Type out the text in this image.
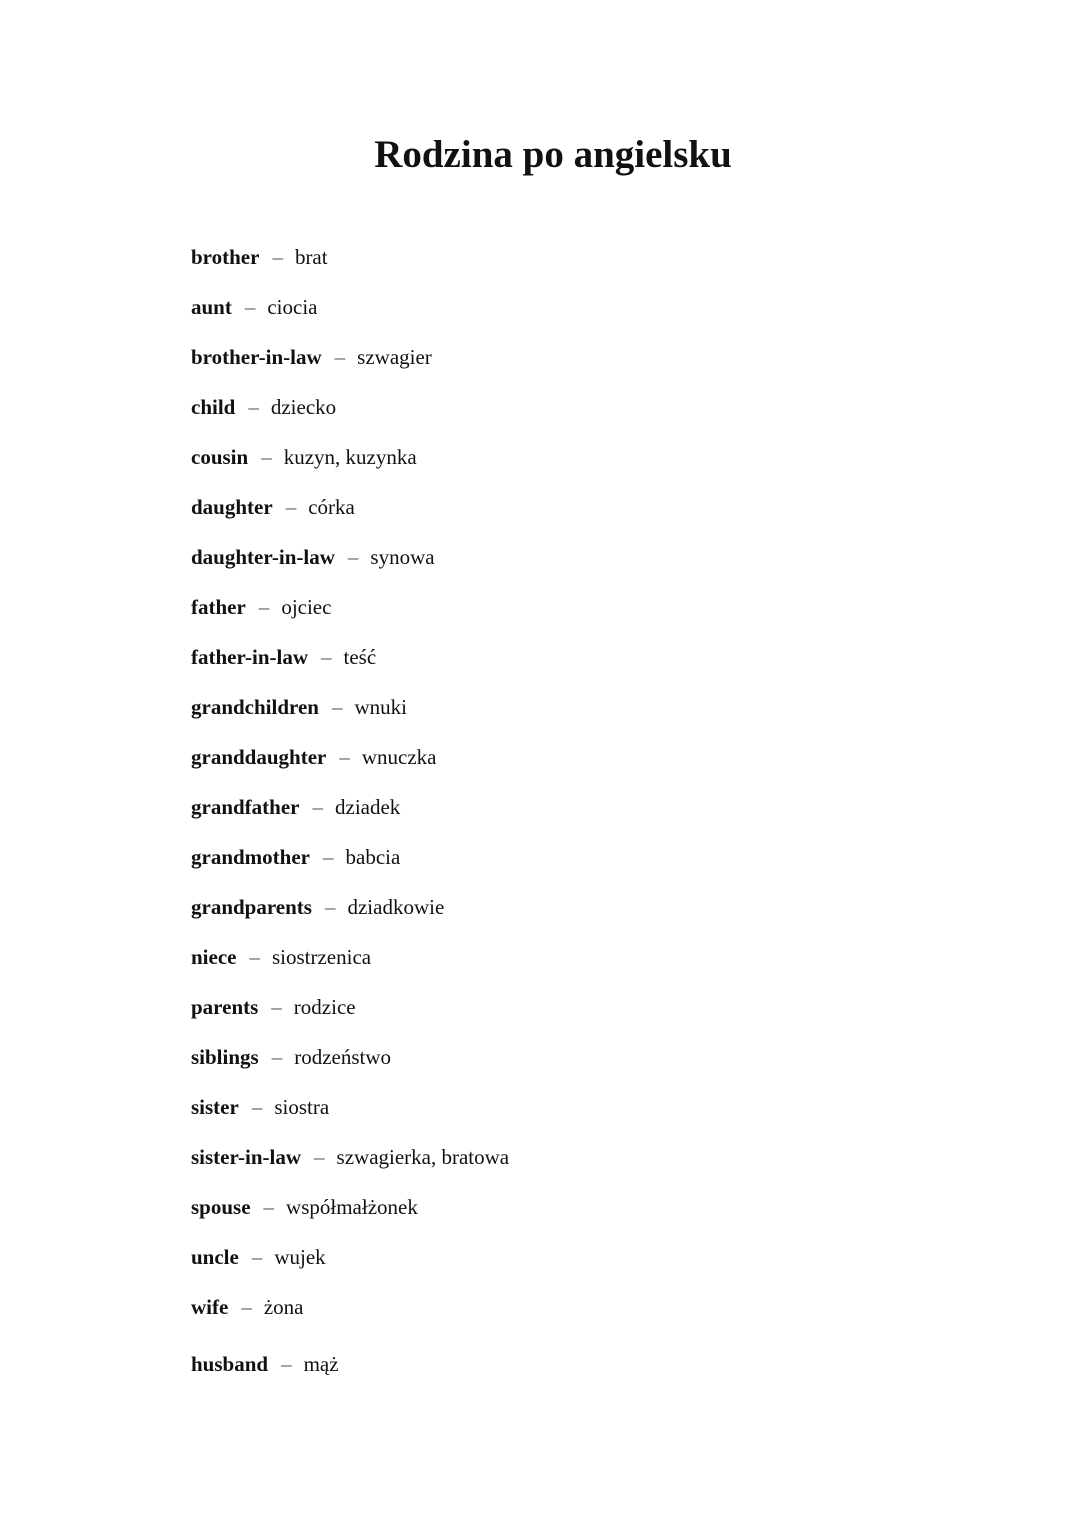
Rodzina po angielsku
brother – brat
aunt – ciocia
brother-in-law – szwagier
child – dziecko
cousin – kuzyn, kuzynka
daughter – córka
daughter-in-law – synowa
father – ojciec
father-in-law – teść
grandchildren – wnuki
granddaughter – wnuczka
grandfather – dziadek
grandmother – babcia
grandparents – dziadkowie
niece – siostrzenica
parents – rodzice
siblings – rodzeństwo
sister – siostra
sister-in-law – szwagierka, bratowa
spouse – współmałżonek
uncle – wujek
wife – żona
husband – mąż
